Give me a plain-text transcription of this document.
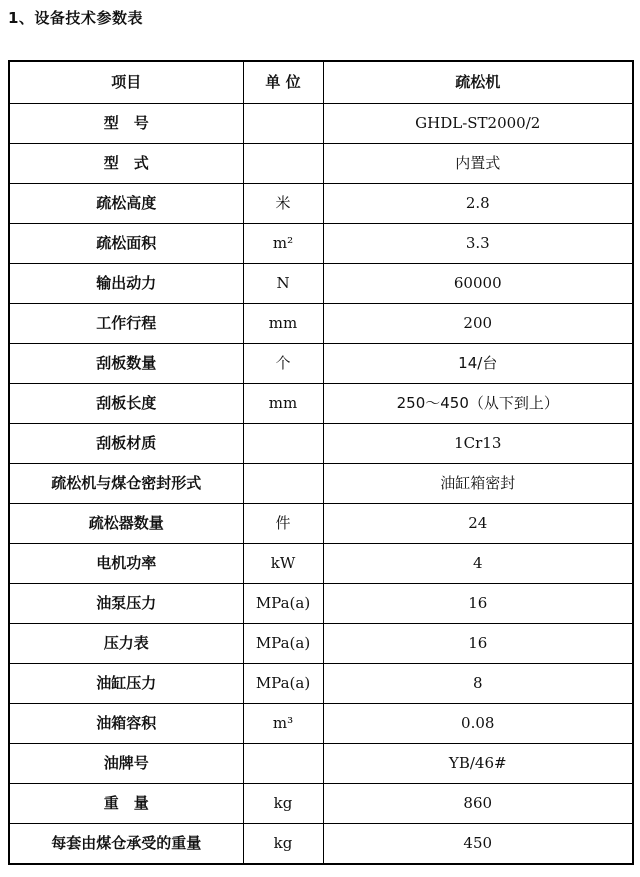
1、设备技术参数表
项目	单 位	疏松机
型　号		GHDL-ST2000/2
型　式		内置式
疏松高度	米	2.8
疏松面积	m²	3.3
输出动力	N	60000
工作行程	mm	200
刮板数量	个	14/台
刮板长度	mm	250～450（从下到上）
刮板材质		1Cr13
疏松机与煤仓密封形式		油缸箱密封
疏松器数量	件	24
电机功率	kW	4
油泵压力	MPa(a)	16
压力表	MPa(a)	16
油缸压力	MPa(a)	8
油箱容积	m³	0.08
油牌号		YB/46#
重　量	kg	860
每套由煤仓承受的重量	kg	450
